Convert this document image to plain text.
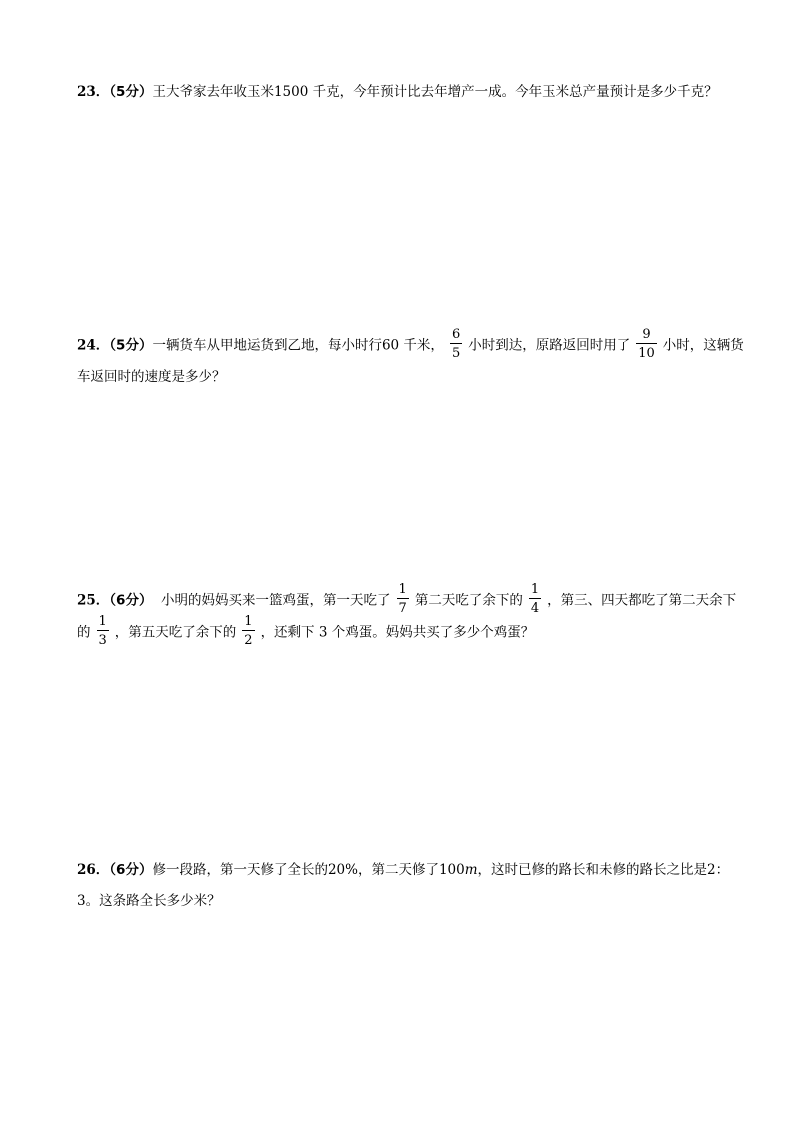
23．（5分）王大爷家去年收玉米1500 千克，今年预计比去年增产一成。今年玉米总产量预计是多少千克？
24．（5分）一辆货车从甲地运货到乙地，每小时行60 千米， $\frac{6}{5}$ 小时到达，原路返回时用了 $\frac{9}{10}$ 小时，这辆货车返回时的速度是多少？
25．（6分） 小明的妈妈买来一篮鸡蛋，第一天吃了 $\frac{1}{7}$ 第二天吃了余下的 $\frac{1}{4}$ ，第三、四天都吃了第二天余下的 $\frac{1}{3}$ ，第五天吃了余下的 $\frac{1}{2}$ ，还剩下 3 个鸡蛋。妈妈共买了多少个鸡蛋？
26．（6分）修一段路，第一天修了全长的20%，第二天修了100m，这时已修的路长和未修的路长之比是2：3。这条路全长多少米？
